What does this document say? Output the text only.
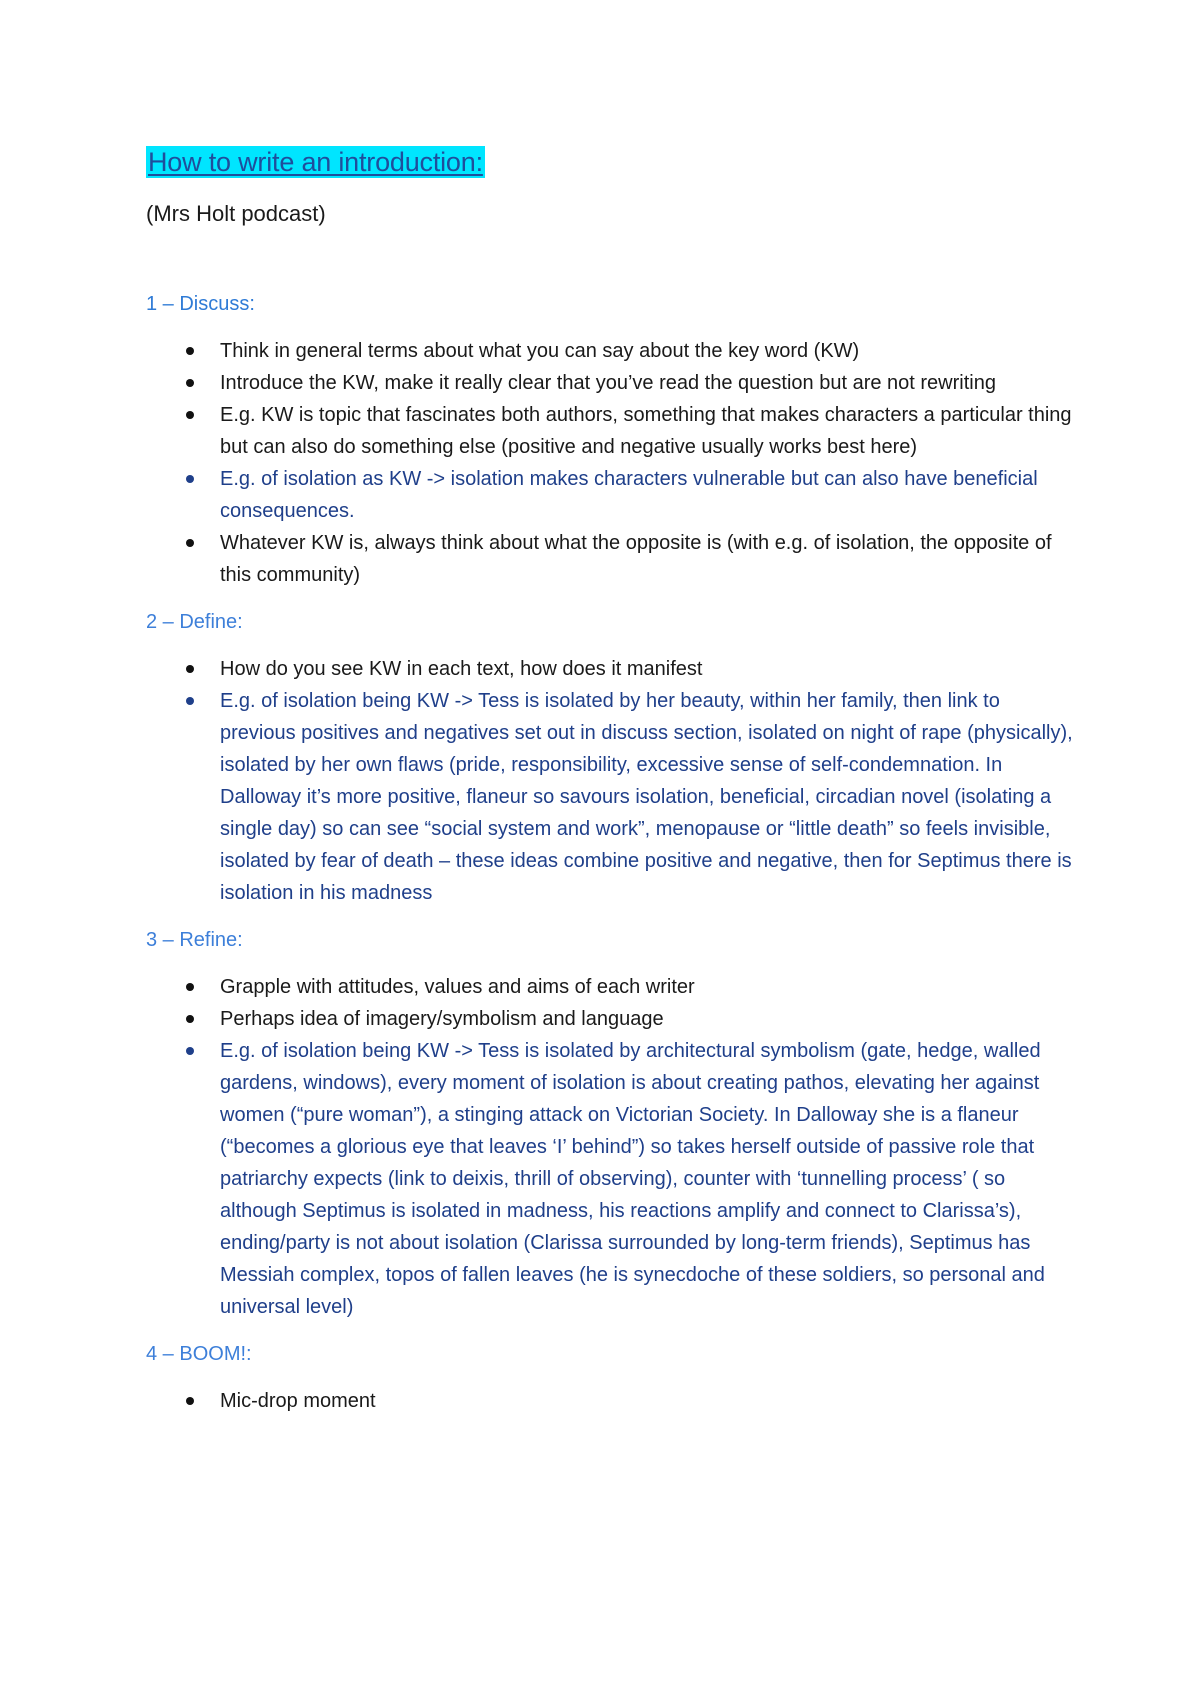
How to write an introduction:

(Mrs Holt podcast)

1 – Discuss:
Think in general terms about what you can say about the key word (KW)
Introduce the KW, make it really clear that you’ve read the question but are not rewriting
E.g. KW is topic that fascinates both authors, something that makes characters a particular thing but can also do something else (positive and negative usually works best here)
E.g. of isolation as KW -> isolation makes characters vulnerable but can also have beneficial consequences.
Whatever KW is, always think about what the opposite is (with e.g. of isolation, the opposite of this community)
2 – Define:
How do you see KW in each text, how does it manifest
E.g. of isolation being KW -> Tess is isolated by her beauty, within her family, then link to previous positives and negatives set out in discuss section, isolated on night of rape (physically), isolated by her own flaws (pride, responsibility, excessive sense of self-condemnation. In Dalloway it’s more positive, flaneur so savours isolation, beneficial, circadian novel (isolating a single day) so can see “social system and work”, menopause or “little death” so feels invisible, isolated by fear of death – these ideas combine positive and negative, then for Septimus there is isolation in his madness
3 – Refine:
Grapple with attitudes, values and aims of each writer
Perhaps idea of imagery/symbolism and language
E.g. of isolation being KW -> Tess is isolated by architectural symbolism (gate, hedge, walled gardens, windows), every moment of isolation is about creating pathos, elevating her against women (“pure woman”), a stinging attack on Victorian Society. In Dalloway she is a flaneur (“becomes a glorious eye that leaves ‘I’ behind”) so takes herself outside of passive role that patriarchy expects (link to deixis, thrill of observing), counter with ‘tunnelling process’ ( so although Septimus is isolated in madness, his reactions amplify and connect to Clarissa’s), ending/party is not about isolation (Clarissa surrounded by long-term friends), Septimus has Messiah complex, topos of fallen leaves (he is synecdoche of these soldiers, so personal and universal level)
4 – BOOM!:
Mic-drop moment
